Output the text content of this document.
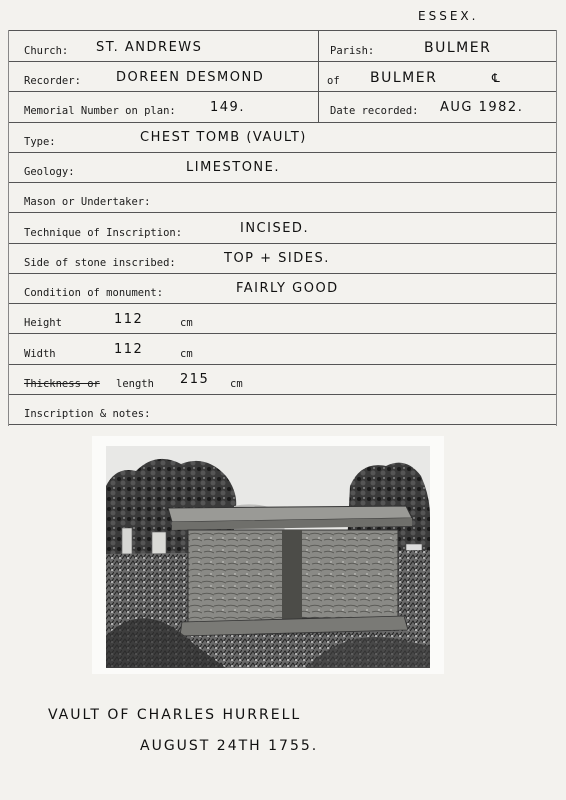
ESSEX.
Church: ST. ANDREWS	Parish:	BULMER
Recorder:	DOREEN DESMOND	of BULMER	℄
Memorial Number on plan:	149.	Date recorded: AUG 1982.
Type:	CHEST TOMB (VAULT)
Geology:	LIMESTONE.
Mason or Undertaker:
Technique of Inscription:	INCISED.
Side of stone inscribed:	TOP + SIDES.
Condition of monument:	FAIRLY GOOD
Height	112	cm
Width	112	cm
Thickness or length 215 cm
Inscription & notes:
VAULT OF CHARLES HURRELL
AUGUST 24TH 1755.
